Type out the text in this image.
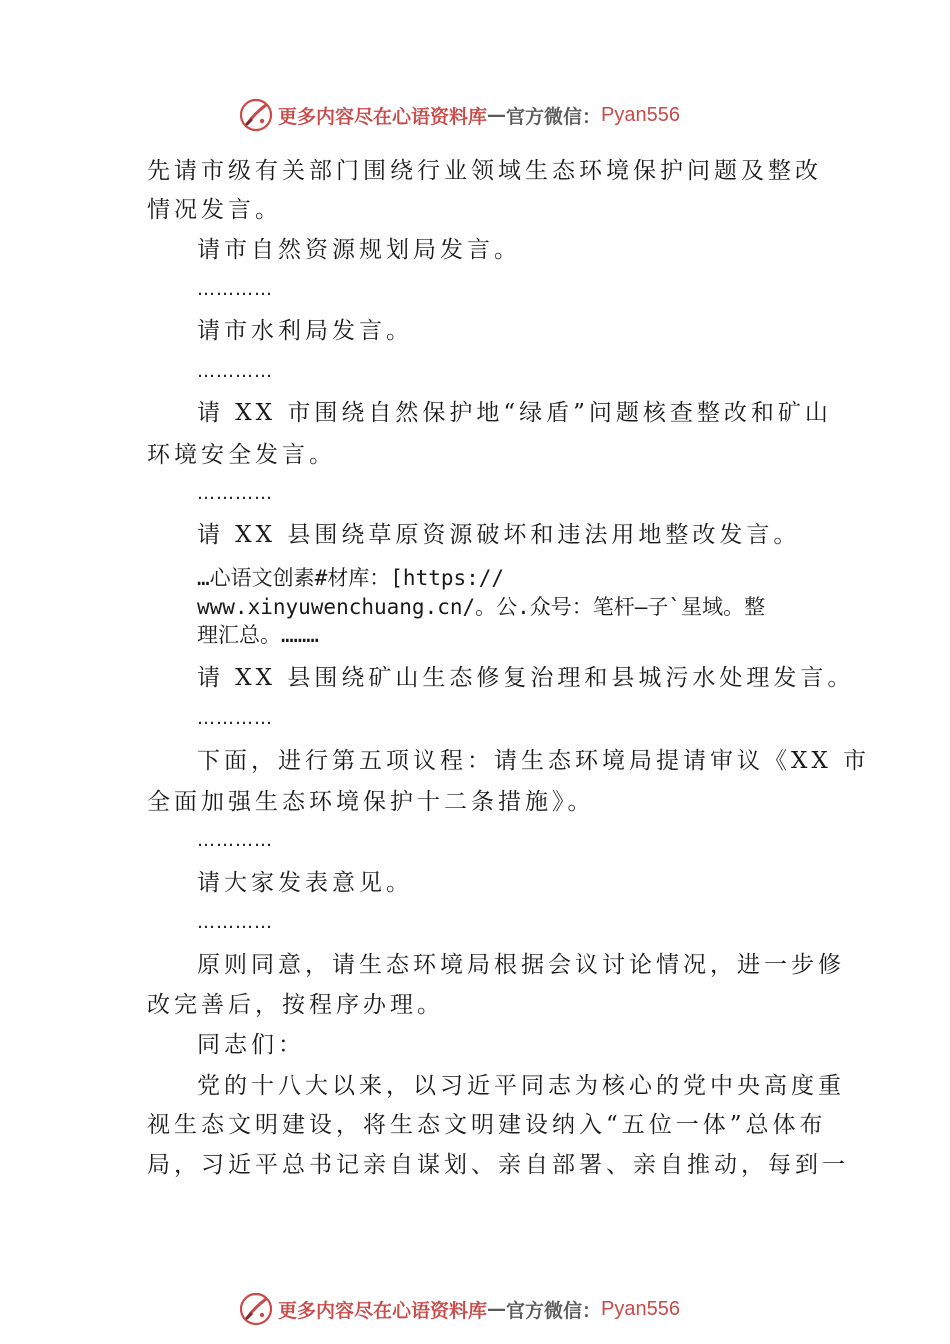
更多内容尽在心语资料库 — 官方微信： Pyan556
先请市级有关部门围绕行业领域生态环境保护问题及整改
情况发言。
请市自然资源规划局发言。
…………
请市水利局发言。
…………
请 XX 市围绕自然保护地“绿盾”问题核查整改和矿山
环境安全发言。
…………
请 XX 县围绕草原资源破坏和违法用地整改发言。
…心语文创素#材库：[https://
www.xinyuwenchuang.cn/。公.众号：笔杆—子`星域。整
理汇总。………
请 XX 县围绕矿山生态修复治理和县城污水处理发言。
…………
下面，进行第五项议程：请生态环境局提请审议《XX 市
全面加强生态环境保护十二条措施》。
…………
请大家发表意见。
…………
原则同意，请生态环境局根据会议讨论情况，进一步修
改完善后，按程序办理。
同志们：
党的十八大以来，以习近平同志为核心的党中央高度重
视生态文明建设，将生态文明建设纳入“五位一体”总体布
局，习近平总书记亲自谋划、亲自部署、亲自推动，每到一
更多内容尽在心语资料库 — 官方微信： Pyan556
